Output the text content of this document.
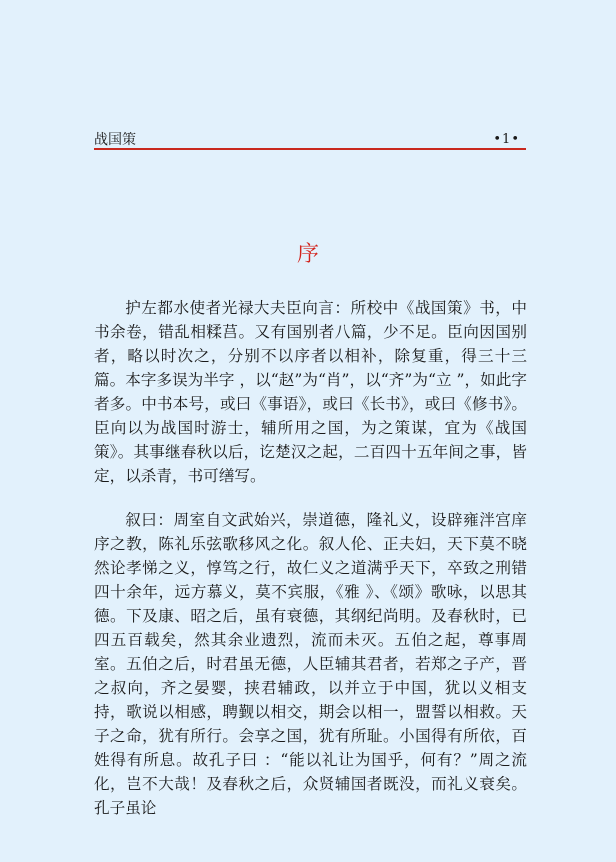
战国策	•1•
序

护左都水使者光禄大夫臣向言：所校中《战国策》书，中书余卷，错乱相糅莒。又有国别者八篇，少不足。臣向因国别者，略以时次之，分别不以序者以相补，除复重，得三十三篇。本字多误为半字 ，以“赵”为“肖”，以“齐”为“立 ”，如此字者多。中书本号，或曰《事语》，或曰《长书》，或曰《修书》。臣向以为战国时游士，辅所用之国，为之策谋，宜为《战国策》。其事继春秋以后，讫楚汉之起，二百四十五年间之事，皆定，以杀青，书可缮写。

叙曰：周室自文武始兴，崇道德，隆礼义，设辟雍泮宫庠序之教，陈礼乐弦歌移风之化。叙人伦、正夫妇，天下莫不晓然论孝悌之义，惇笃之行，故仁义之道满乎天下，卒致之刑错四十余年，远方慕义，莫不宾服，《雅 》、《颂》歌咏，以思其德。下及康、昭之后，虽有衰德，其纲纪尚明。及春秋时，已四五百载矣，然其余业遗烈，流而未灭。五伯之起，尊事周室。五伯之后，时君虽无德，人臣辅其君者，若郑之子产，晋之叔向，齐之晏婴，挟君辅政，以并立于中国，犹以义相支持，歌说以相感，聘觐以相交，期会以相一，盟誓以相救。天子之命，犹有所行。会享之国，犹有所耻。小国得有所依，百姓得有所息。故孔子曰 ：“能以礼让为国乎，何有？”周之流化，岂不大哉！及春秋之后，众贤辅国者既没，而礼义衰矣。孔子虽论
